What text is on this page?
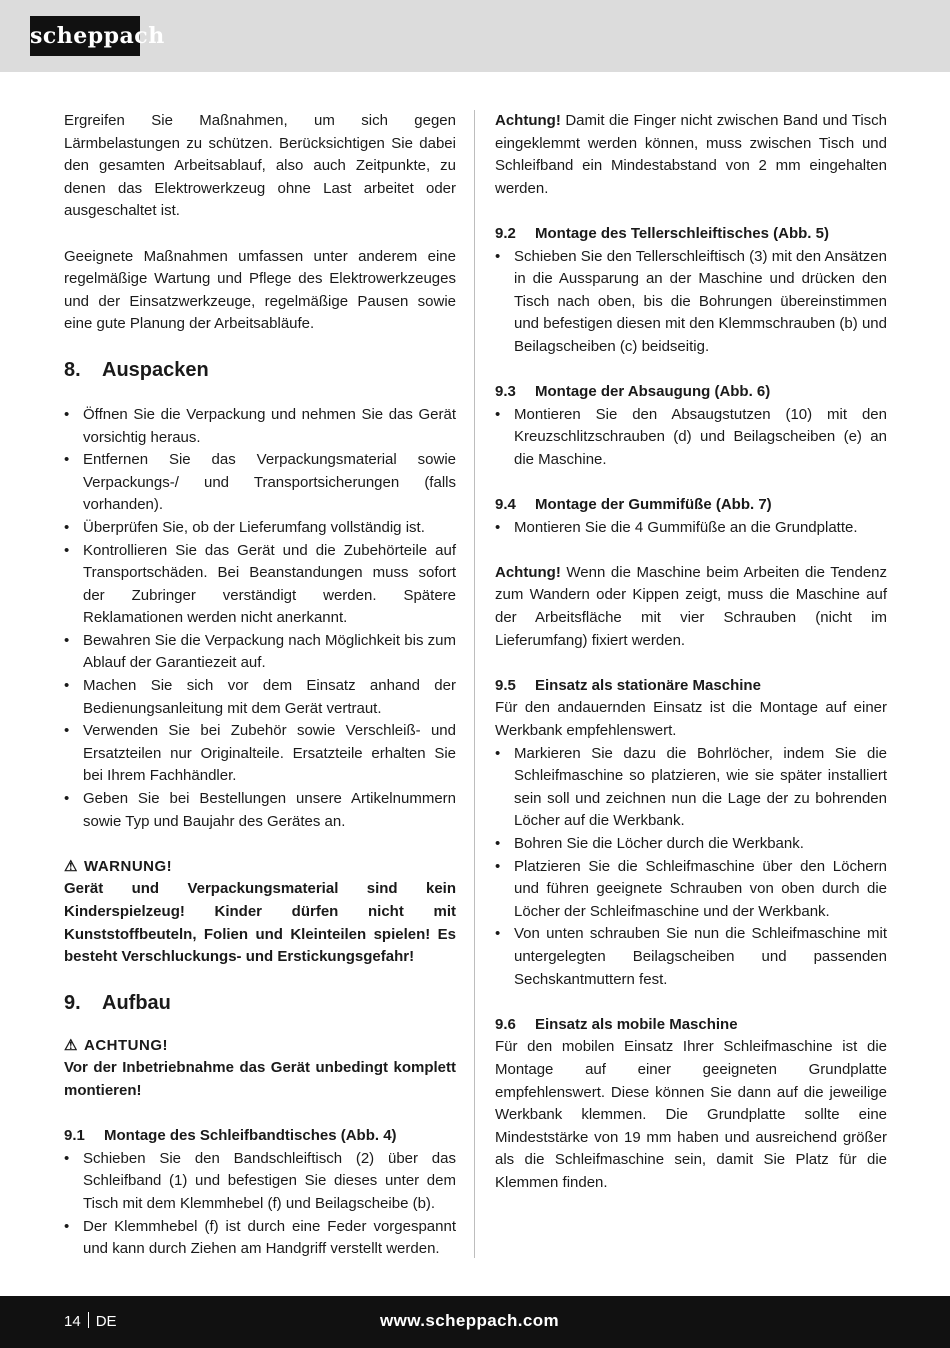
scheppach

Ergreifen Sie Maßnahmen, um sich gegen Lärmbelastungen zu schützen. Berücksichtigen Sie dabei den gesamten Arbeitsablauf, also auch Zeitpunkte, zu denen das Elektrowerkzeug ohne Last arbeitet oder ausgeschaltet ist.

Geeignete Maßnahmen umfassen unter anderem eine regelmäßige Wartung und Pflege des Elektrowerkzeuges und der Einsatzwerkzeuge, regelmäßige Pausen sowie eine gute Planung der Arbeitsabläufe.

8. Auspacken
• Öffnen Sie die Verpackung und nehmen Sie das Gerät vorsichtig heraus.
• Entfernen Sie das Verpackungsmaterial sowie Verpackungs-/ und Transportsicherungen (falls vorhanden).
• Überprüfen Sie, ob der Lieferumfang vollständig ist.
• Kontrollieren Sie das Gerät und die Zubehörteile auf Transportschäden. Bei Beanstandungen muss sofort der Zubringer verständigt werden. Spätere Reklamationen werden nicht anerkannt.
• Bewahren Sie die Verpackung nach Möglichkeit bis zum Ablauf der Garantiezeit auf.
• Machen Sie sich vor dem Einsatz anhand der Bedienungsanleitung mit dem Gerät vertraut.
• Verwenden Sie bei Zubehör sowie Verschleiß- und Ersatzteilen nur Originalteile. Ersatzteile erhalten Sie bei Ihrem Fachhändler.
• Geben Sie bei Bestellungen unsere Artikelnummern sowie Typ und Baujahr des Gerätes an.
⚠ WARNUNG!

Gerät und Verpackungsmaterial sind kein Kinderspielzeug! Kinder dürfen nicht mit Kunststoffbeuteln, Folien und Kleinteilen spielen! Es besteht Verschluckungs- und Erstickungsgefahr!

9. Aufbau
⚠ ACHTUNG!

Vor der Inbetriebnahme das Gerät unbedingt komplett montieren!

9.1 Montage des Schleifbandtisches (Abb. 4)
• Schieben Sie den Bandschleiftisch (2) über das Schleifband (1) und befestigen Sie dieses unter dem Tisch mit dem Klemmhebel (f) und Beilagscheibe (b).
• Der Klemmhebel (f) ist durch eine Feder vorgespannt und kann durch Ziehen am Handgriff verstellt werden.

Achtung! Damit die Finger nicht zwischen Band und Tisch eingeklemmt werden können, muss zwischen Tisch und Schleifband ein Mindestabstand von 2 mm eingehalten werden.

9.2 Montage des Tellerschleiftisches (Abb. 5)
• Schieben Sie den Tellerschleiftisch (3) mit den Ansätzen in die Aussparung an der Maschine und drücken den Tisch nach oben, bis die Bohrungen übereinstimmen und befestigen diesen mit den Klemmschrauben (b) und Beilagscheiben (c) beidseitig.
9.3 Montage der Absaugung (Abb. 6)
• Montieren Sie den Absaugstutzen (10) mit den Kreuzschlitzschrauben (d) und Beilagscheiben (e) an die Maschine.
9.4 Montage der Gummifüße (Abb. 7)
• Montieren Sie die 4 Gummifüße an die Grundplatte.

Achtung! Wenn die Maschine beim Arbeiten die Tendenz zum Wandern oder Kippen zeigt, muss die Maschine auf der Arbeitsfläche mit vier Schrauben (nicht im Lieferumfang) fixiert werden.

9.5 Einsatz als stationäre Maschine

Für den andauernden Einsatz ist die Montage auf einer Werkbank empfehlenswert.

• Markieren Sie dazu die Bohrlöcher, indem Sie die Schleifmaschine so platzieren, wie sie später installiert sein soll und zeichnen nun die Lage der zu bohrenden Löcher auf die Werkbank.
• Bohren Sie die Löcher durch die Werkbank.
• Platzieren Sie die Schleifmaschine über den Löchern und führen geeignete Schrauben von oben durch die Löcher der Schleifmaschine und der Werkbank.
• Von unten schrauben Sie nun die Schleifmaschine mit untergelegten Beilagscheiben und passenden Sechskantmuttern fest.
9.6 Einsatz als mobile Maschine

Für den mobilen Einsatz Ihrer Schleifmaschine ist die Montage auf einer geeigneten Grundplatte empfehlenswert. Diese können Sie dann auf die jeweilige Werkbank klemmen. Die Grundplatte sollte eine Mindeststärke von 19 mm haben und ausreichend größer als die Schleifmaschine sein, damit Sie Platz für die Klemmen finden.

14 DE	www.scheppach.com
